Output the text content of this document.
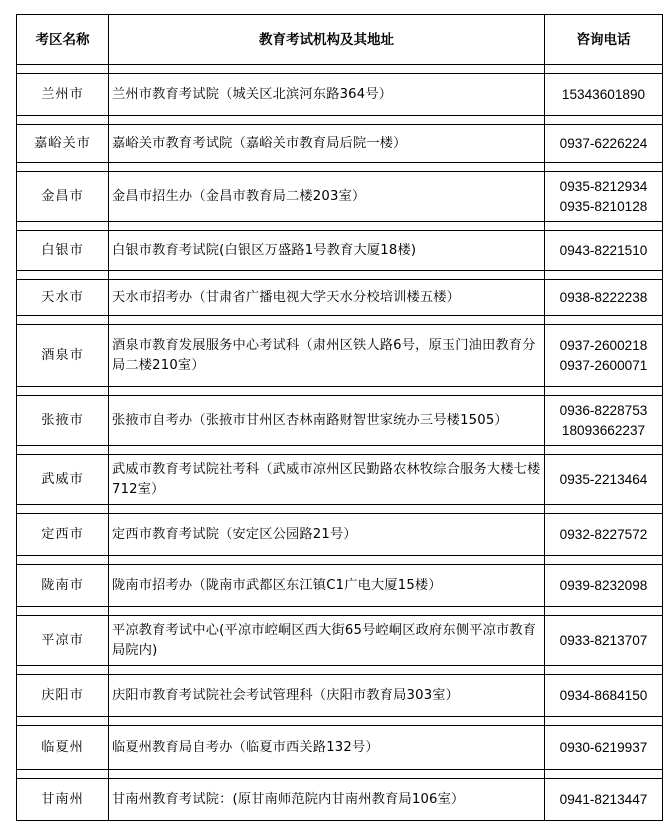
考区名称	教育考试机构及其地址	咨询电话

兰州市	兰州市教育考试院（城关区北滨河东路364号）	15343601890

嘉峪关市	嘉峪关市教育考试院（嘉峪关市教育局后院一楼）	0937-6226224

金昌市	金昌市招生办（金昌市教育局二楼203室）	0935-8212934
0935-8210128

白银市	白银市教育考试院(白银区万盛路1号教育大厦18楼)	0943-8221510

天水市	天水市招考办（甘肃省广播电视大学天水分校培训楼五楼）	0938-8222238

酒泉市	酒泉市教育发展服务中心考试科（肃州区铁人路6号，原玉门油田教育分局二楼210室）	0937-2600218
0937-2600071

张掖市	张掖市自考办（张掖市甘州区杏林南路财智世家统办三号楼1505）	0936-8228753
18093662237

武威市	武威市教育考试院社考科（武威市凉州区民勤路农林牧综合服务大楼七楼712室）	0935-2213464

定西市	定西市教育考试院（安定区公园路21号）	0932-8227572

陇南市	陇南市招考办（陇南市武都区东江镇C1广电大厦15楼）	0939-8232098

平凉市	平凉教育考试中心(平凉市崆峒区西大街65号崆峒区政府东侧平凉市教育局院内)	0933-8213707

庆阳市	庆阳市教育考试院社会考试管理科（庆阳市教育局303室）	0934-8684150

临夏州	临夏州教育局自考办（临夏市西关路132号）	0930-6219937

甘南州	甘南州教育考试院：(原甘南师范院内甘南州教育局106室）	0941-8213447
